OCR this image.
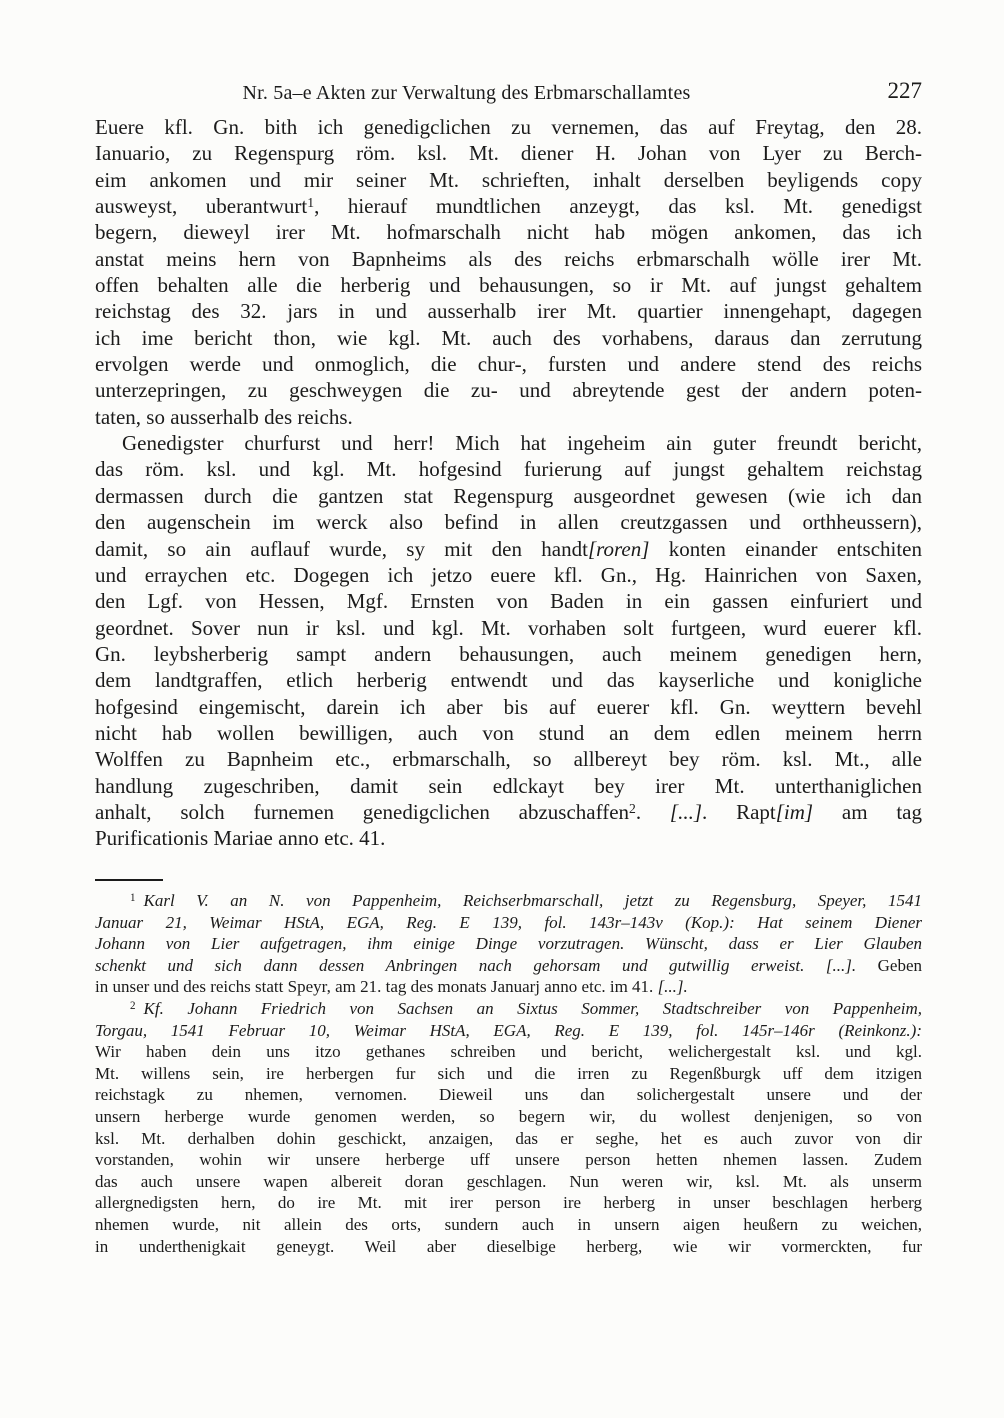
Nr. 5a–e Akten zur Verwaltung des Erbmarschallamtes	227
Euere kfl. Gn. bith ich genedigclichen zu vernemen, das auf Freytag, den 28.
Ianuario, zu Regenspurg röm. ksl. Mt. diener H. Johan von Lyer zu Berch-
eim ankomen und mir seiner Mt. schrieften, inhalt derselben beyligends copy
ausweyst, uberantwurt$^1$, hierauf mundtlichen anzeygt, das ksl. Mt. genedigst
begern, dieweyl irer Mt. hofmarschalh nicht hab mögen ankomen, das ich
anstat meins hern von Bapnheims als des reichs erbmarschalh wölle irer Mt.
offen behalten alle die herberig und behausungen, so ir Mt. auf jungst gehaltem
reichstag des 32. jars in und ausserhalb irer Mt. quartier innengehapt, dagegen
ich ime bericht thon, wie kgl. Mt. auch des vorhabens, daraus dan zerrutung
ervolgen werde und onmoglich, die chur-, fursten und andere stend des reichs
unterzepringen, zu geschweygen die zu- und abreytende gest der andern poten-
taten, so ausserhalb des reichs.
Genedigster churfurst und herr! Mich hat ingeheim ain guter freundt bericht,
das röm. ksl. und kgl. Mt. hofgesind furierung auf jungst gehaltem reichstag
dermassen durch die gantzen stat Regenspurg ausgeordnet gewesen (wie ich dan
den augenschein im werck also befind in allen creutzgassen und orthheussern),
damit, so ain auflauf wurde, sy mit den handt[roren] konten einander entschiten
und erraychen etc. Dogegen ich jetzo euere kfl. Gn., Hg. Hainrichen von Saxen,
den Lgf. von Hessen, Mgf. Ernsten von Baden in ein gassen einfuriert und
geordnet. Sover nun ir ksl. und kgl. Mt. vorhaben solt furtgeen, wurd euerer kfl.
Gn. leybsherberig sampt andern behausungen, auch meinem genedigen hern,
dem landtgraffen, etlich herberig entwendt und das kayserliche und konigliche
hofgesind eingemischt, darein ich aber bis auf euerer kfl. Gn. weyttern bevehl
nicht hab wollen bewilligen, auch von stund an dem edlen meinem herrn
Wolffen zu Bapnheim etc., erbmarschalh, so allbereyt bey röm. ksl. Mt., alle
handlung zugeschriben, damit sein edlckayt bey irer Mt. unterthaniglichen
anhalt, solch furnemen genedigclichen abzuschaffen$^2$. [...]. Rapt[im] am tag
Purificationis Mariae anno etc. 41.
$^1$ Karl V. an N. von Pappenheim, Reichserbmarschall, jetzt zu Regensburg, Speyer, 1541
Januar 21, Weimar HStA, EGA, Reg. E 139, fol. 143r–143v (Kop.): Hat seinem Diener
Johann von Lier aufgetragen, ihm einige Dinge vorzutragen. Wünscht, dass er Lier Glauben
schenkt und sich dann dessen Anbringen nach gehorsam und gutwillig erweist. [...]. Geben
in unser und des reichs statt Speyr, am 21. tag des monats Januarj anno etc. im 41. [...].
$^2$ Kf. Johann Friedrich von Sachsen an Sixtus Sommer, Stadtschreiber von Pappenheim,
Torgau, 1541 Februar 10, Weimar HStA, EGA, Reg. E 139, fol. 145r–146r (Reinkonz.):
Wir haben dein uns itzo gethanes schreiben und bericht, welichergestalt ksl. und kgl.
Mt. willens sein, ire herbergen fur sich und die irren zu Regenßburgk uff dem itzigen
reichstagk zu nhemen, vernomen. Dieweil uns dan solichergestalt unsere und der
unsern herberge wurde genomen werden, so begern wir, du wollest denjenigen, so von
ksl. Mt. derhalben dohin geschickt, anzaigen, das er seghe, het es auch zuvor von dir
vorstanden, wohin wir unsere herberge uff unsere person hetten nhemen lassen. Zudem
das auch unsere wapen albereit doran geschlagen. Nun weren wir, ksl. Mt. als unserm
allergnedigsten hern, do ire Mt. mit irer person ire herberg in unser beschlagen herberg
nhemen wurde, nit allein des orts, sundern auch in unsern aigen heußern zu weichen,
in underthenigkait geneygt. Weil aber dieselbige herberg, wie wir vormerckten, fur
